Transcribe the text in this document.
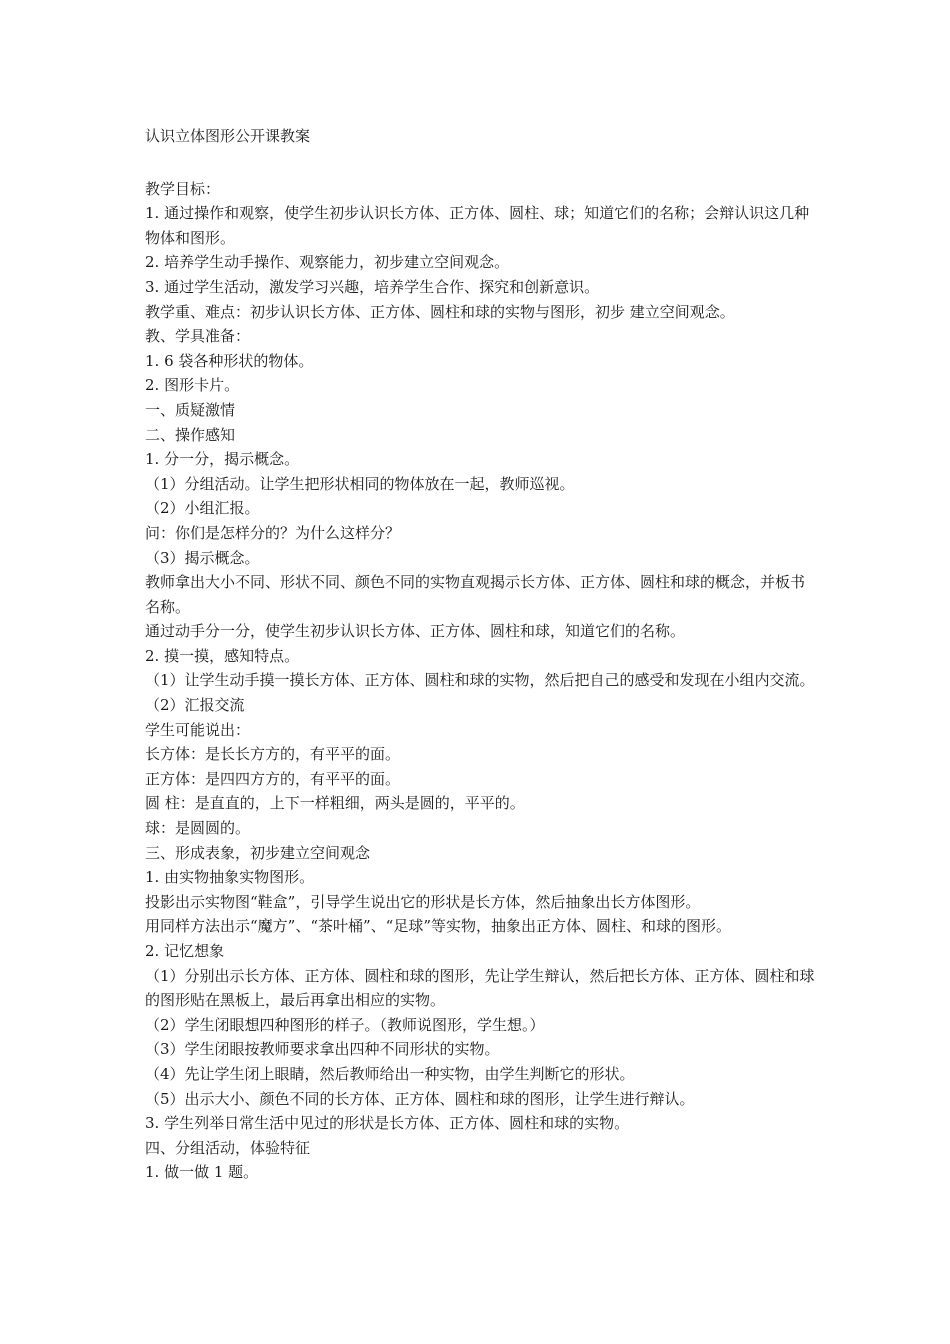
认识立体图形公开课教案

教学目标：

1. 通过操作和观察，使学生初步认识长方体、正方体、圆柱、球；知道它们的名称；会辩认识这几种物体和图形。

2. 培养学生动手操作、观察能力，初步建立空间观念。

3. 通过学生活动，激发学习兴趣，培养学生合作、探究和创新意识。

教学重、难点：初步认识长方体、正方体、圆柱和球的实物与图形，初步 建立空间观念。

教、学具准备：

1. 6 袋各种形状的物体。

2. 图形卡片。

一、质疑激情

二、操作感知

1. 分一分，揭示概念。

（1）分组活动。让学生把形状相同的物体放在一起，教师巡视。

（2）小组汇报。

问：你们是怎样分的？为什么这样分？

（3）揭示概念。

教师拿出大小不同、形状不同、颜色不同的实物直观揭示长方体、正方体、圆柱和球的概念，并板书名称。

通过动手分一分，使学生初步认识长方体、正方体、圆柱和球，知道它们的名称。

2. 摸一摸，感知特点。

（1）让学生动手摸一摸长方体、正方体、圆柱和球的实物，然后把自己的感受和发现在小组内交流。

（2）汇报交流

学生可能说出：

长方体：是长长方方的，有平平的面。

正方体：是四四方方的，有平平的面。

圆 柱：是直直的，上下一样粗细，两头是圆的，平平的。

球：是圆圆的。

三、形成表象，初步建立空间观念

1. 由实物抽象实物图形。

投影出示实物图“鞋盒”，引导学生说出它的形状是长方体，然后抽象出长方体图形。

用同样方法出示“魔方”、“茶叶桶”、“足球”等实物，抽象出正方体、圆柱、和球的图形。

2. 记忆想象

（1）分别出示长方体、正方体、圆柱和球的图形，先让学生辩认，然后把长方体、正方体、圆柱和球的图形贴在黑板上，最后再拿出相应的实物。

（2）学生闭眼想四种图形的样子。（教师说图形，学生想。）

（3）学生闭眼按教师要求拿出四种不同形状的实物。

（4）先让学生闭上眼睛，然后教师给出一种实物，由学生判断它的形状。

（5）出示大小、颜色不同的长方体、正方体、圆柱和球的图形，让学生进行辩认。

3. 学生列举日常生活中见过的形状是长方体、正方体、圆柱和球的实物。

四、分组活动，体验特征

1. 做一做 1 题。
